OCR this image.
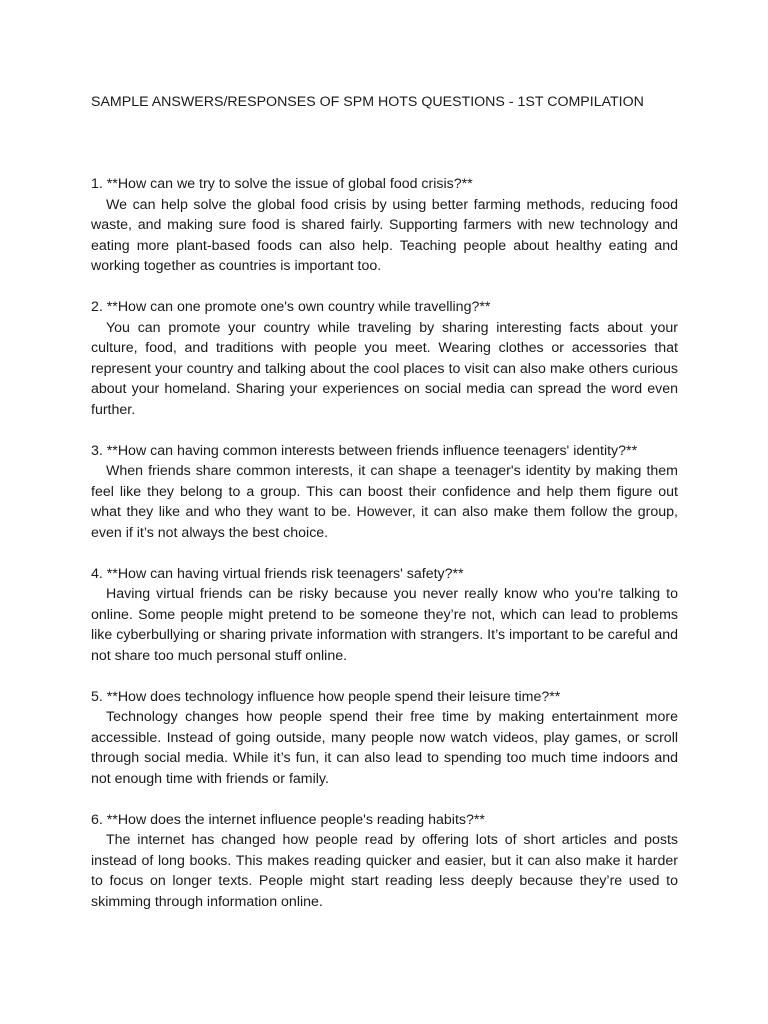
SAMPLE ANSWERS/RESPONSES OF SPM HOTS QUESTIONS - 1ST COMPILATION

1. **How can we try to solve the issue of global food crisis?**

We can help solve the global food crisis by using better farming methods, reducing food waste, and making sure food is shared fairly. Supporting farmers with new technology and eating more plant-based foods can also help. Teaching people about healthy eating and working together as countries is important too.

2. **How can one promote one's own country while travelling?**

You can promote your country while traveling by sharing interesting facts about your culture, food, and traditions with people you meet. Wearing clothes or accessories that represent your country and talking about the cool places to visit can also make others curious about your homeland. Sharing your experiences on social media can spread the word even further.

3. **How can having common interests between friends influence teenagers' identity?**

When friends share common interests, it can shape a teenager's identity by making them feel like they belong to a group. This can boost their confidence and help them figure out what they like and who they want to be. However, it can also make them follow the group, even if it’s not always the best choice.

4. **How can having virtual friends risk teenagers' safety?**

Having virtual friends can be risky because you never really know who you're talking to online. Some people might pretend to be someone they’re not, which can lead to problems like cyberbullying or sharing private information with strangers. It’s important to be careful and not share too much personal stuff online.

5. **How does technology influence how people spend their leisure time?**

Technology changes how people spend their free time by making entertainment more accessible. Instead of going outside, many people now watch videos, play games, or scroll through social media. While it’s fun, it can also lead to spending too much time indoors and not enough time with friends or family.

6. **How does the internet influence people's reading habits?**

The internet has changed how people read by offering lots of short articles and posts instead of long books. This makes reading quicker and easier, but it can also make it harder to focus on longer texts. People might start reading less deeply because they’re used to skimming through information online.
